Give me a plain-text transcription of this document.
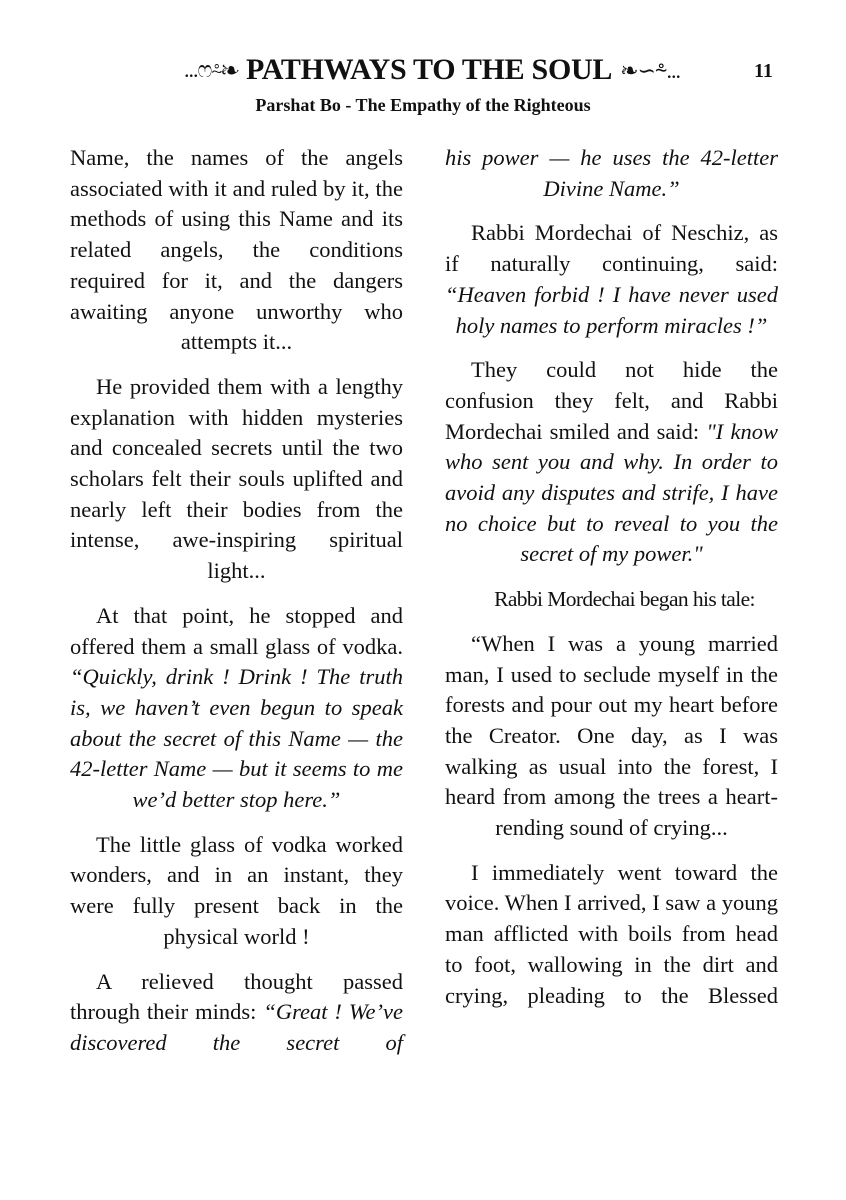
...ෆ⸛❧ PATHWAYS TO THE SOUL ❧∽⸛...	11
Parshat Bo - The Empathy of the Righteous

Name, the names of the angels associated with it and ruled by it, the methods of using this Name and its related angels, the conditions required for it, and the dangers awaiting anyone unworthy who attempts it...

He provided them with a lengthy explanation with hidden mysteries and concealed secrets until the two scholars felt their souls uplifted and nearly left their bodies from the intense, awe-inspiring spiritual light...

At that point, he stopped and offered them a small glass of vodka. “Quickly, drink ! Drink ! The truth is, we haven’t even begun to speak about the secret of this Name — the 42-letter Name — but it seems to me we’d better stop here.”

The little glass of vodka worked wonders, and in an instant, they were fully present back in the physical world !

A relieved thought passed through their minds: “Great ! We’ve discovered the secret of

his power — he uses the 42-letter Divine Name.”

Rabbi Mordechai of Neschiz, as if naturally continuing, said: “Heaven forbid ! I have never used holy names to perform miracles !”

They could not hide the confusion they felt, and Rabbi Mordechai smiled and said: "I know who sent you and why. In order to avoid any disputes and strife, I have no choice but to reveal to you the secret of my power."

Rabbi Mordechai began his tale:

“When I was a young married man, I used to seclude myself in the forests and pour out my heart before the Creator. One day, as I was walking as usual into the forest, I heard from among the trees a heart-rending sound of crying...

I immediately went toward the voice. When I arrived, I saw a young man afflicted with boils from head to foot, wallowing in the dirt and crying, pleading to the Blessed
